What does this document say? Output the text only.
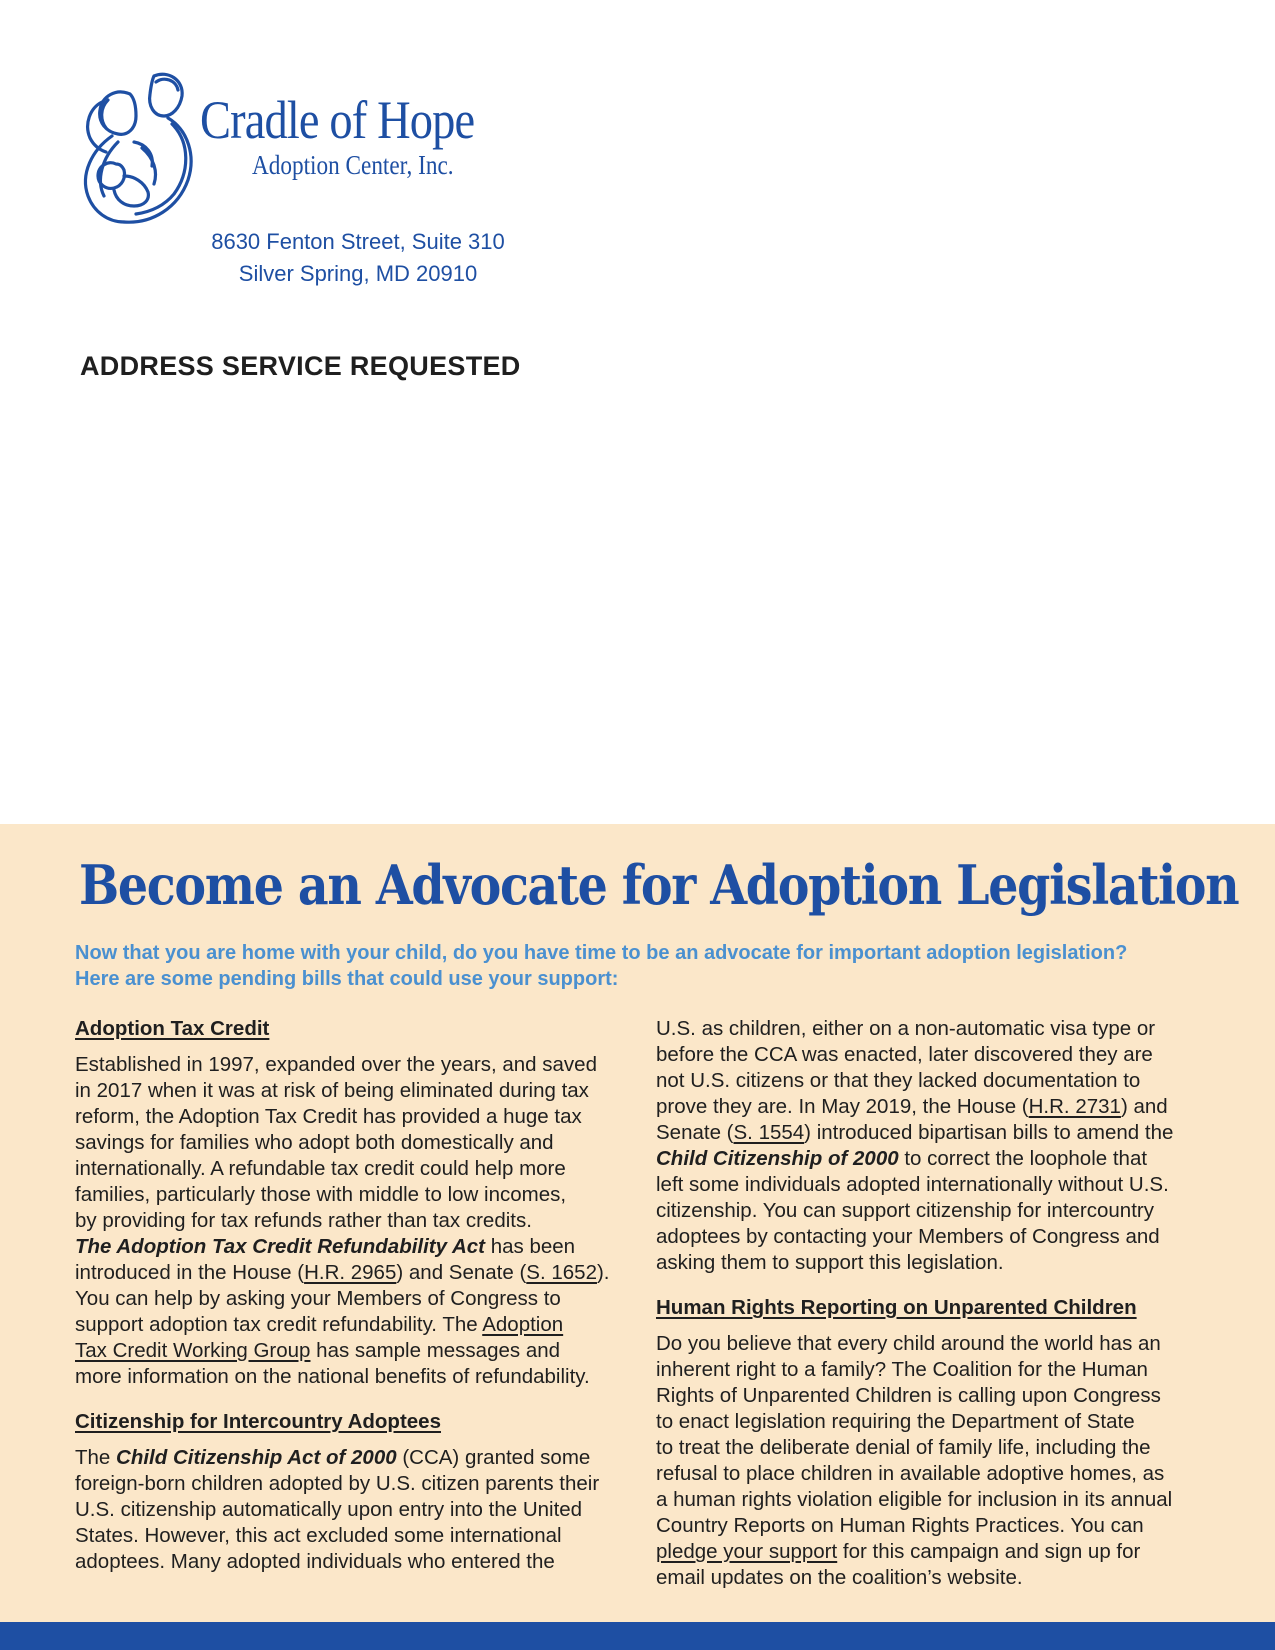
Cradle of Hope
Adoption Center, Inc.
8630 Fenton Street, Suite 310
Silver Spring, MD 20910
ADDRESS SERVICE REQUESTED
Become an Advocate for Adoption Legislation
Now that you are home with your child, do you have time to be an advocate for important adoption legislation?
Here are some pending bills that could use your support:
Adoption Tax Credit
Established in 1997, expanded over the years, and saved
in 2017 when it was at risk of being eliminated during tax
reform, the Adoption Tax Credit has provided a huge tax
savings for families who adopt both domestically and
internationally. A refundable tax credit could help more
families, particularly those with middle to low incomes,
by providing for tax refunds rather than tax credits.
The Adoption Tax Credit Refundability Act has been
introduced in the House (H.R. 2965) and Senate (S. 1652).
You can help by asking your Members of Congress to
support adoption tax credit refundability. The Adoption
Tax Credit Working Group has sample messages and
more information on the national benefits of refundability.
Citizenship for Intercountry Adoptees
The Child Citizenship Act of 2000 (CCA) granted some
foreign-born children adopted by U.S. citizen parents their
U.S. citizenship automatically upon entry into the United
States. However, this act excluded some international
adoptees. Many adopted individuals who entered the
U.S. as children, either on a non-automatic visa type or
before the CCA was enacted, later discovered they are
not U.S. citizens or that they lacked documentation to
prove they are. In May 2019, the House (H.R. 2731) and
Senate (S. 1554) introduced bipartisan bills to amend the
Child Citizenship of 2000 to correct the loophole that
left some individuals adopted internationally without U.S.
citizenship. You can support citizenship for intercountry
adoptees by contacting your Members of Congress and
asking them to support this legislation.
Human Rights Reporting on Unparented Children
Do you believe that every child around the world has an
inherent right to a family? The Coalition for the Human
Rights of Unparented Children is calling upon Congress
to enact legislation requiring the Department of State
to treat the deliberate denial of family life, including the
refusal to place children in available adoptive homes, as
a human rights violation eligible for inclusion in its annual
Country Reports on Human Rights Practices. You can
pledge your support for this campaign and sign up for
email updates on the coalition’s website.
